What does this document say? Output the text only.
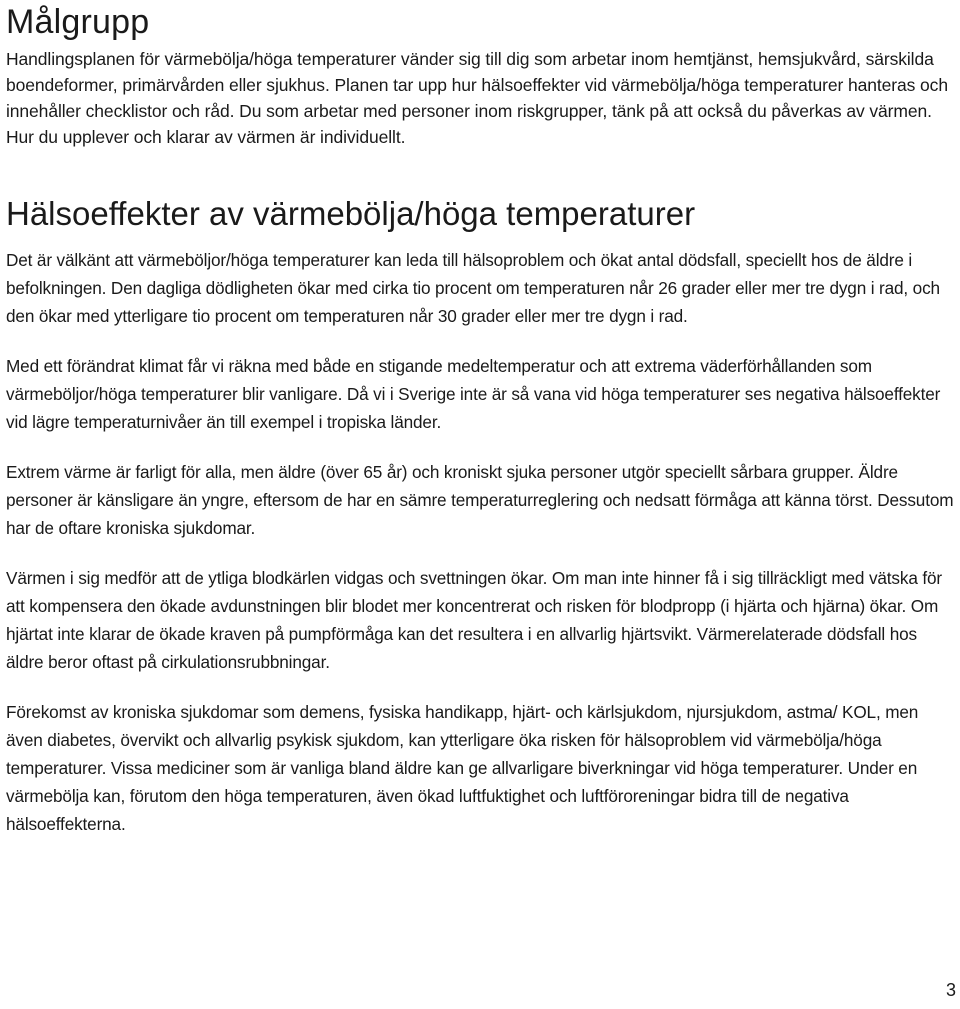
Målgrupp

Handlingsplanen för värmebölja/höga temperaturer vänder sig till dig som arbetar inom hemtjänst, hemsjukvård, särskilda boendeformer, primärvården eller sjukhus. Planen tar upp hur hälsoeffekter vid värmebölja/höga temperaturer hanteras och innehåller checklistor och råd. Du som arbetar med personer inom riskgrupper, tänk på att också du påverkas av värmen. Hur du upplever och klarar av värmen är individuellt.

Hälsoeffekter av värmebölja/höga temperaturer

Det är välkänt att värmeböljor/höga temperaturer kan leda till hälsoproblem och ökat antal dödsfall, speciellt hos de äldre i befolkningen. Den dagliga dödligheten ökar med cirka tio procent om temperaturen når 26 grader eller mer tre dygn i rad, och den ökar med ytterligare tio procent om temperaturen når 30 grader eller mer tre dygn i rad.

Med ett förändrat klimat får vi räkna med både en stigande medeltemperatur och att extrema väderförhållanden som värmeböljor/höga temperaturer blir vanligare. Då vi i Sverige inte är så vana vid höga temperaturer ses negativa hälsoeffekter vid lägre temperaturnivåer än till exempel i tropiska länder.

Extrem värme är farligt för alla, men äldre (över 65 år) och kroniskt sjuka personer utgör speciellt sårbara grupper. Äldre personer är känsligare än yngre, eftersom de har en sämre temperaturreglering och nedsatt förmåga att känna törst. Dessutom har de oftare kroniska sjukdomar.

Värmen i sig medför att de ytliga blodkärlen vidgas och svettningen ökar. Om man inte hinner få i sig tillräckligt med vätska för att kompensera den ökade avdunstningen blir blodet mer koncentrerat och risken för blodpropp (i hjärta och hjärna) ökar. Om hjärtat inte klarar de ökade kraven på pumpförmåga kan det resultera i en allvarlig hjärtsvikt. Värmerelaterade dödsfall hos äldre beror oftast på cirkulationsrubbningar.

Förekomst av kroniska sjukdomar som demens, fysiska handikapp, hjärt- och kärlsjukdom, njursjukdom, astma/ KOL, men även diabetes, övervikt och allvarlig psykisk sjukdom, kan ytterligare öka risken för hälsoproblem vid värmebölja/höga temperaturer. Vissa mediciner som är vanliga bland äldre kan ge allvarligare biverkningar vid höga temperaturer. Under en värmebölja kan, förutom den höga temperaturen, även ökad luftfuktighet och luftföroreningar bidra till de negativa hälsoeffekterna.

3
